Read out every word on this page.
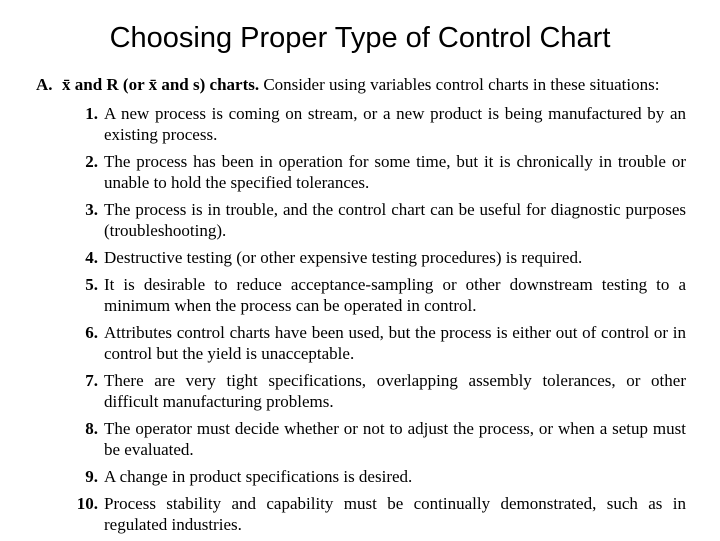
Choosing Proper Type of Control Chart
A. x̄ and R (or x̄ and s) charts. Consider using variables control charts in these situations:
1. A new process is coming on stream, or a new product is being manufactured by an existing process.
2. The process has been in operation for some time, but it is chronically in trouble or unable to hold the specified tolerances.
3. The process is in trouble, and the control chart can be useful for diagnostic purposes (troubleshooting).
4. Destructive testing (or other expensive testing procedures) is required.
5. It is desirable to reduce acceptance-sampling or other downstream testing to a minimum when the process can be operated in control.
6. Attributes control charts have been used, but the process is either out of control or in control but the yield is unacceptable.
7. There are very tight specifications, overlapping assembly tolerances, or other difficult manufacturing problems.
8. The operator must decide whether or not to adjust the process, or when a setup must be evaluated.
9. A change in product specifications is desired.
10. Process stability and capability must be continually demonstrated, such as in regulated industries.
